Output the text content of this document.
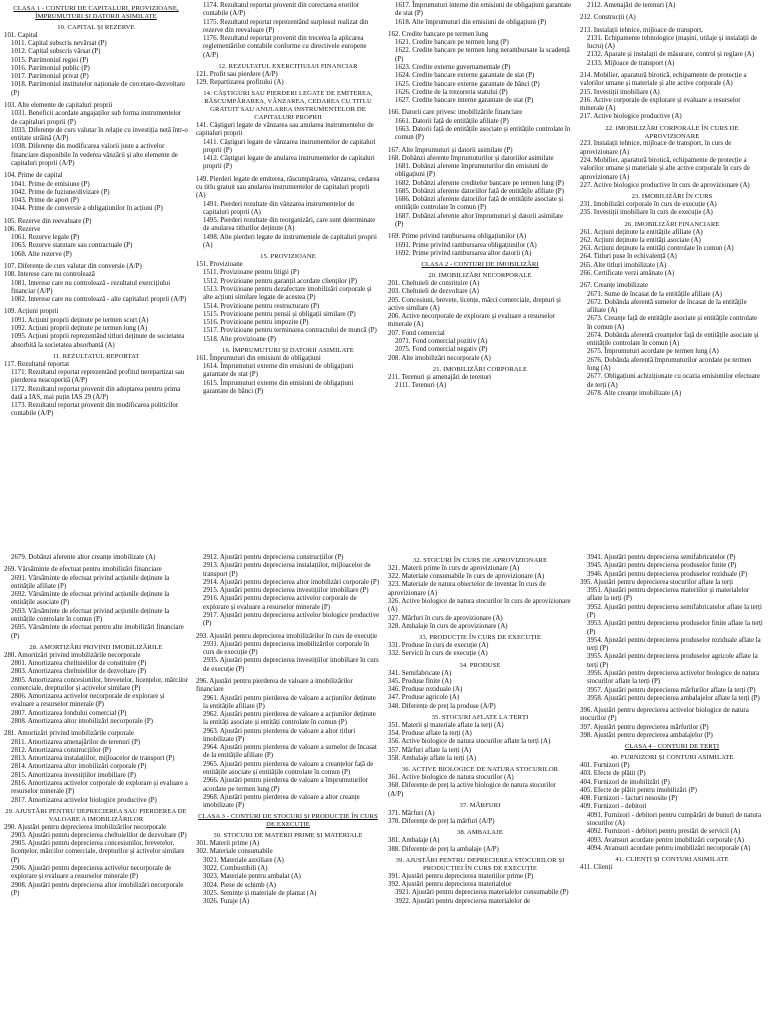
CLASA 1 - CONTURI DE CAPITALURI, PROVIZIOANE, ÎMPRUMUTURI ȘI DATORII ASIMILATE

10. CAPITAL ȘI REZERVE

101. Capital

1011. Capital subscris nevărsat (P)

1012. Capital subscris vărsat (P)

1015. Patrimoniul regiei (P)

1016. Patrimoniul public (P)

1017. Patrimoniul privat (P)

1018. Patrimoniul institutelor naționale de cercetare-dezvoltare (P)

103. Alte elemente de capitaluri proprii

1031. Beneficii acordate angajaților sub forma instrumentelor de capitaluri proprii (P)

1033. Diferențe de curs valutar în relație cu investiția netă într-o entitate străină (A/P)

1038. Diferențe din modificarea valorii juste a activelor financiare disponibile în vederea vânzării și alte elemente de capitaluri proprii (A/P)

104. Prime de capital

1041. Prime de emisiune (P)

1042. Prime de fuziune/divizare (P)

1043. Prime de aport (P)

1044. Prime de conversie a obligațiunilor în acțiuni (P)

105. Rezerve din reevaluare (P)

106. Rezerve

1061. Rezerve legale (P)

1063. Rezerve statutare sau contractuale (P)

1068. Alte rezerve (P)

107. Diferențe de curs valutar din conversie (A/P)

108. Interese care nu controlează

1081. Interese care nu controlează - rezultatul exercițiului financiar (A/P)

1082. Interese care nu controlează - alte capitaluri proprii (A/P)

109. Acțiuni proprii

1091. Acțiuni proprii deținute pe termen scurt (A)

1092. Acțiuni proprii deținute pe termen lung (A)

1095. Acțiuni proprii reprezentând titluri deținute de societatea absorbită la societatea absorbantă (A)

11. REZULTATUL REPORTAT

117. Rezultatul reportat

1171. Rezultatul reportat reprezentând profitul nerepartizat sau pierderea neacoperită (A/P)

1172. Rezultatul reportat provenit din adoptarea pentru prima dată a IAS, mai puțin IAS 29 (A/P)

1173. Rezultatul reportat provenit din modificarea politicilor contabile (A/P)

1174. Rezultatul reportat provenit din corectarea erorilor contabile (A/P)

1175. Rezultatul reportat reprezentând surplusul realizat din rezerve din reevaluare (P)

1176. Rezultatul reportat provenit din trecerea la aplicarea reglementărilor contabile conforme cu directivele europene (A/P)

12. REZULTATUL EXERCIȚIULUI FINANCIAR

121. Profit sau pierdere (A/P)

129. Repartizarea profitului (A)

14. CÂȘTIGURI SAU PIERDERI LEGATE DE EMITEREA, RĂSCUMPĂRAREA, VÂNZAREA, CEDAREA CU TITLU GRATUIT SAU ANULAREA INSTRUMENTELOR DE CAPITALURI PROPRII

141. Câștiguri legate de vânzarea sau anularea instrumentelor de capitaluri proprii

1411. Câștiguri legate de vânzarea instrumentelor de capitaluri proprii (P)

1412. Câștiguri legate de anularea instrumentelor de capitaluri proprii (P)

149. Pierderi legate de emiterea, răscumpărarea, vânzarea, cedarea cu titlu gratuit sau anularea instrumentelor de capitaluri proprii (A)

1491. Pierderi rezultate din vânzarea instrumentelor de capitaluri proprii (A)

1495. Pierderi rezultate din reorganizări, care sunt determinate de anularea titlurilor deținute (A)

1498. Alte pierderi legate de instrumentele de capitaluri proprii (A)

15. PROVIZIOANE

151. Provizioane

1511. Provizioane pentru litigii (P)

1512. Provizioane pentru garanții acordate clienților (P)

1513. Provizioane pentru dezafectare imobilizări corporale și alte acțiuni similare legate de acestea (P)

1514. Provizioane pentru restructurare (P)

1515. Provizioane pentru pensii și obligații similare (P)

1516. Provizioane pentru impozite (P)

1517. Provizioane pentru terminarea contractului de muncă (P)

1518. Alte provizioane (P)

16. ÎMPRUMUTURI ȘI DATORII ASIMILATE

161. Împrumuturi din emisiuni de obligațiuni

1614. Împrumuturi externe din emisiuni de obligațiuni garantate de stat (P)

1615. Împrumuturi externe din emisiuni de obligațiuni garantate de bănci (P)

1617. Împrumuturi interne din emisiuni de obligațiuni garantate de stat (P)

1618. Alte împrumuturi din emisiuni de obligațiuni (P)

162. Credite bancare pe termen lung

1621. Credite bancare pe termen lung (P)

1622. Credite bancare pe termen lung nerambursate la scadență (P)

1623. Credite externe guvernamentale (P)

1624. Credite bancare externe garantate de stat (P)

1625. Credite bancare externe garantate de bănci (P)

1626. Credite de la trezoreria statului (P)

1627. Credite bancare interne garantate de stat (P)

166. Datorii care privesc imobilizările financiare

1661. Datorii față de entitățile afiliate (P)

1663. Datorii față de entitățile asociate și entitățile controlate în comun (P)

167. Alte împrumuturi și datorii asimilate (P)

168. Dobânzi aferente împrumuturilor și datoriilor asimilate

1681. Dobânzi aferente împrumuturilor din emisiuni de obligațiuni (P)

1682. Dobânzi aferente creditelor bancare pe termen lung (P)

1685. Dobânzi aferente datoriilor față de entitățile afiliate (P)

1686. Dobânzi aferente datoriilor față de entitățile asociate și entitățile controlate în comun (P)

1687. Dobânzi aferente altor împrumuturi și datorii asimilate (P)

169. Prime privind rambursarea obligațiunilor (A)

1691. Prime privind rambursarea obligațiunilor (A)

1692. Prime privind rambursarea altor datorii (A)

CLASA 2 - CONTURI DE IMOBILIZĂRI

20. IMOBILIZĂRI NECORPORALE

201. Cheltuieli de constituire (A)

203. Cheltuieli de dezvoltare (A)

205. Concesiuni, brevete, licențe, mărci comerciale, drepturi și active similare (A)

206. Active necorporale de explorare și evaluare a resurselor minerale (A)

207. Fond comercial

2071. Fond comercial pozitiv (A)

2075. Fond comercial negativ (P)

208. Alte imobilizări necorporale (A)

21. IMOBILIZĂRI CORPORALE

211. Terenuri și amenajări de terenuri

2111. Terenuri (A)

2112. Amenajări de terenuri (A)

212. Construcții (A)

213. Instalații tehnice, mijloace de transport,

2131. Echipamente tehnologice (mașini, utilaje și instalații de lucru) (A)

2132. Aparate și instalații de măsurare, control și reglare (A)

2133. Mijloace de transport (A)

214. Mobilier, aparatură birotică, echipamente de protecție a valorilor umane și materiale și alte active corporale (A)

215. Investiții imobiliare (A)

216. Active corporale de explorare și evaluare a resurselor minerale (A)

217. Active biologice productive (A)

22. IMOBILIZĂRI CORPORALE ÎN CURS DE APROVIZIONARE

223. Instalații tehnice, mijloace de transport, în curs de aprovizionare (A)

224. Mobilier, aparatură birotică, echipamente de protecție a valorilor umane și materiale și alte active corporale în curs de aprovizionare (A)

227. Active biologice productive în curs de aprovizionare (A)

23. IMOBILIZĂRI ÎN CURS

231. Imobilizări corporale în curs de execuție (A)

235. Investiții imobiliare în curs de execuție (A)

26. IMOBILIZĂRI FINANCIARE

261. Acțiuni deținute la entitățile afiliate (A)

262. Acțiuni deținute la entități asociate (A)

263. Acțiuni deținute la entități controlate în comun (A)

264. Titluri puse în echivalență (A)

265. Alte titluri imobilizate (A)

266. Certificate verzi amânate (A)

267. Creanțe imobilizate

2671. Sume de încasat de la entitățile afiliate (A)

2672. Dobânda aferentă sumelor de încasat de la entitățile afiliate (A)

2673. Creanțe față de entitățile asociate și entitățile controlate în comun (A)

2674. Dobânda aferentă creanțelor față de entitățile asociate și entitățile controlate în comun (A)

2675. Împrumuturi acordate pe termen lung (A)

2676. Dobânda aferentă împrumuturilor acordate pe termen lung (A)

2677. Obligațiuni achiziționate cu ocazia emisiunilor efectuate de terți (A)

2678. Alte creanțe imobilizate (A)

2679. Dobânzi aferente altor creanțe imobilizate (A)

269. Vărsăminte de efectuat pentru imobilizări financiare

2691. Vărsăminte de efectuat privind acțiunile deținute la entitățile afiliate (P)

2692. Vărsăminte de efectuat privind acțiunile deținute la entitățile asociate (P)

2693. Vărsăminte de efectuat privind acțiunile deținute la entitățile controlate în comun (P)

2695. Vărsăminte de efectuat pentru alte imobilizări financiare (P)

28. AMORTIZĂRI PRIVIND IMOBILIZĂRILE

280. Amortizări privind imobilizările necorporale

2801. Amortizarea cheltuielilor de constituire (P)

2803. Amortizarea cheltuielilor de dezvoltare (P)

2805. Amortizarea concesiunilor, brevetelor, licențelor, mărcilor comerciale, drepturilor și activelor similare (P)

2806. Amortizarea activelor necorporale de explorare și evaluare a resurselor minerale (P)

2807. Amortizarea fondului comercial (P)

2808. Amortizarea altor imobilizări necorporale (P)

281. Amortizări privind imobilizările corporale

2811. Amortizarea amenajărilor de terenuri (P)

2812. Amortizarea construcțiilor (P)

2813. Amortizarea instalațiilor, mijloacelor de transport (P)

2814. Amortizarea altor imobilizări corporale (P)

2815. Amortizarea investițiilor imobiliare (P)

2816. Amortizarea activelor corporale de explorare și evaluare a resurselor minerale (P)

2817. Amortizarea activelor biologice productive (P)

29. AJUSTĂRI PENTRU DEPRECIEREA SAU PIERDEREA DE VALOARE A IMOBILIZĂRILOR

290. Ajustări pentru deprecierea imobilizărilor necorporale

2903. Ajustări pentru deprecierea cheltuielilor de dezvoltare (P)

2905. Ajustări pentru deprecierea concesiunilor, brevetelor, licențelor, mărcilor comerciale, drepturilor și activelor similare (P)

2906. Ajustări pentru deprecierea activelor necorporale de explorare și evaluare a resurselor minerale (P)

2908. Ajustări pentru deprecierea altor imobilizări necorporale (P)

2912. Ajustări pentru deprecierea construcțiilor (P)

2913. Ajustări pentru deprecierea instalațiilor, mijloacelor de transport (P)

2914. Ajustări pentru deprecierea altor imobilizări corporale (P)

2915. Ajustări pentru deprecierea investițiilor imobiliare (P)

2916. Ajustări pentru deprecierea activelor corporale de explorare și evaluare a resurselor minerale (P)

2917. Ajustări pentru deprecierea activelor biologice productive (P)

293. Ajustări pentru deprecierea imobilizărilor în curs de execuție

2931. Ajustări pentru deprecierea imobilizărilor corporale în curs de execuție (P)

2935. Ajustări pentru deprecierea investițiilor imobiliare în curs de execuție (P)

296. Ajustări pentru pierderea de valoare a imobilizărilor financiare

2961. Ajustări pentru pierderea de valoare a acțiunilor deținute la entitățile afiliate (P)

2962. Ajustări pentru pierderea de valoare a acțiunilor deținute la entități asociate și entități controlate în comun (P)

2963. Ajustări pentru pierderea de valoare a altor titluri imobilizate (P)

2964. Ajustări pentru pierderea de valoare a sumelor de încasat de la entitățile afiliate (P)

2965. Ajustări pentru pierderea de valoare a creanțelor față de entitățile asociate și entitățile controlate în comun (P)

2966. Ajustări pentru pierderea de valoare a împrumuturilor acordate pe termen lung (P)

2968. Ajustări pentru pierderea de valoare a altor creanțe imobilizate (P)

CLASA 3 - CONTURI DE STOCURI ȘI PRODUCȚIE ÎN CURS DE EXECUȚIE

30. STOCURI DE MATERII PRIME ȘI MATERIALE

301. Materii prime (A)

302. Materiale consumabile

3021. Materiale auxiliare (A)

3022. Combustibili (A)

3023. Materiale pentru ambalat (A)

3024. Piese de schimb (A)

3025. Semințe și materiale de plantat (A)

3026. Furaje (A)

32. STOCURI ÎN CURS DE APROVIZIONARE

321. Materii prime în curs de aprovizionare (A)

322. Materiale consumabile în curs de aprovizionare (A)

323. Materiale de natura obiectelor de inventar în curs de aprovizionare (A)

326. Active biologice de natura stocurilor în curs de aprovizionare (A)

327. Mărfuri în curs de aprovizionare (A)

328. Ambalaje în curs de aprovizionare (A)

33. PRODUCȚIE ÎN CURS DE EXECUȚIE

331. Produse în curs de execuție (A)

332. Servicii în curs de execuție (A)

34. PRODUSE

341. Semifabricate (A)

345. Produse finite (A)

346. Produse reziduale (A)

347. Produse agricole (A)

348. Diferențe de preț la produse (A/P)

35. STOCURI AFLATE LA TERȚI

351. Materii și materiale aflate la terți (A)

354. Produse aflate la terți (A)

356. Active biologice de natura stocurilor aflate la terți (A)

357. Mărfuri aflate la terți (A)

358. Ambalaje aflate la terți (A)

36. ACTIVE BIOLOGICE DE NATURA STOCURILOR

361. Active biologice de natura stocurilor (A)

368. Diferențe de preț la active biologice de natura stocurilor (A/P)

37. MĂRFURI

371. Mărfuri (A)

378. Diferențe de preț la mărfuri (A/P)

38. AMBALAJE

381. Ambalaje (A)

388. Diferențe de preț la ambalaje (A/P)

39. AJUSTĂRI PENTRU DEPRECIEREA STOCURILOR ȘI PRODUCȚIEI ÎN CURS DE EXECUȚIE

391. Ajustări pentru deprecierea materiilor prime (P)

392. Ajustări pentru deprecierea materialelor

3921. Ajustări pentru deprecierea materialelor consumabile (P)

3922. Ajustări pentru deprecierea materialelor de

3941. Ajustări pentru deprecierea semifabricatelor (P)

3945. Ajustări pentru deprecierea produselor finite (P)

3946. Ajustări pentru deprecierea produselor reziduale (P)

395. Ajustări pentru deprecierea stocurilor aflate la terți

3951. Ajustări pentru deprecierea materiilor și materialelor aflate la terți (P)

3952. Ajustări pentru deprecierea semifabricatelor aflate la terți (P)

3953. Ajustări pentru deprecierea produselor finite aflate la terți (P)

3954. Ajustări pentru deprecierea produselor reziduale aflate la terți (P)

3955. Ajustări pentru deprecierea produselor agricole aflate la terți (P)

3956. Ajustări pentru deprecierea activelor biologice de natura stocurilor aflate la terți (P)

3957. Ajustări pentru deprecierea mărfurilor aflate la terți (P)

3958. Ajustări pentru deprecierea ambalajelor aflate la terți (P)

396. Ajustări pentru deprecierea activelor biologice de natura stocurilor (P)

397. Ajustări pentru deprecierea mărfurilor (P)

398. Ajustări pentru deprecierea ambalajelor (P)

CLASA 4 - CONTURI DE TERȚI

40. FURNIZORI ȘI CONTURI ASIMILATE

401. Furnizori (P)

403. Efecte de plătit (P)

404. Furnizori de imobilizări (P)

405. Efecte de plătit pentru imobilizări (P)

408. Furnizori - facturi nesosite (P)

409. Furnizori - debitori

4091. Furnizori - debitori pentru cumpărări de bunuri de natura stocurilor (A)

4092. Furnizori - debitori pentru prestări de servicii (A)

4093. Avansuri acordate pentru imobilizări corporale (A)

4094. Avansuri acordate pentru imobilizări necorporale (A)

41. CLIENȚI ȘI CONTURI ASIMILATE

411. Clienți
